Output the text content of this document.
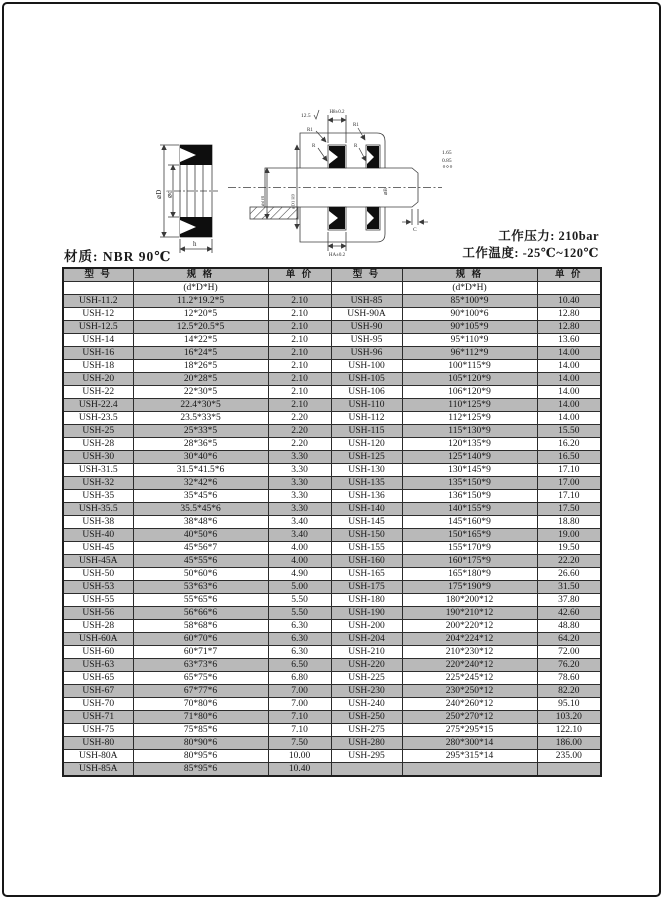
⌀D ⌀d
h
H8±0.2
12.5
R1
R1
R	R
1.65
0.85
⌀B
⌀d f8	⌀D1 H9
HA±0.2
C
材质: NBR 90℃
工作压力: 210bar
工作温度: -25℃~120℃
型 号	规 格	单 价	型 号	规 格	单 价
	(d*D*H)			(d*D*H)	
USH-11.2	11.2*19.2*5	2.10	USH-85	85*100*9	10.40
USH-12	12*20*5	2.10	USH-90A	90*100*6	12.80
USH-12.5	12.5*20.5*5	2.10	USH-90	90*105*9	12.80
USH-14	14*22*5	2.10	USH-95	95*110*9	13.60
USH-16	16*24*5	2.10	USH-96	96*112*9	14.00
USH-18	18*26*5	2.10	USH-100	100*115*9	14.00
USH-20	20*28*5	2.10	USH-105	105*120*9	14.00
USH-22	22*30*5	2.10	USH-106	106*120*9	14.00
USH-22.4	22.4*30*5	2.10	USH-110	110*125*9	14.00
USH-23.5	23.5*33*5	2.20	USH-112	112*125*9	14.00
USH-25	25*33*5	2.20	USH-115	115*130*9	15.50
USH-28	28*36*5	2.20	USH-120	120*135*9	16.20
USH-30	30*40*6	3.30	USH-125	125*140*9	16.50
USH-31.5	31.5*41.5*6	3.30	USH-130	130*145*9	17.10
USH-32	32*42*6	3.30	USH-135	135*150*9	17.00
USH-35	35*45*6	3.30	USH-136	136*150*9	17.10
USH-35.5	35.5*45*6	3.30	USH-140	140*155*9	17.50
USH-38	38*48*6	3.40	USH-145	145*160*9	18.80
USH-40	40*50*6	3.40	USH-150	150*165*9	19.00
USH-45	45*56*7	4.00	USH-155	155*170*9	19.50
USH-45A	45*55*6	4.00	USH-160	160*175*9	22.20
USH-50	50*60*6	4.90	USH-165	165*180*9	26.60
USH-53	53*63*6	5.00	USH-175	175*190*9	31.50
USH-55	55*65*6	5.50	USH-180	180*200*12	37.80
USH-56	56*66*6	5.50	USH-190	190*210*12	42.60
USH-28	58*68*6	6.30	USH-200	200*220*12	48.80
USH-60A	60*70*6	6.30	USH-204	204*224*12	64.20
USH-60	60*71*7	6.30	USH-210	210*230*12	72.00
USH-63	63*73*6	6.50	USH-220	220*240*12	76.20
USH-65	65*75*6	6.80	USH-225	225*245*12	78.60
USH-67	67*77*6	7.00	USH-230	230*250*12	82.20
USH-70	70*80*6	7.00	USH-240	240*260*12	95.10
USH-71	71*80*6	7.10	USH-250	250*270*12	103.20
USH-75	75*85*6	7.10	USH-275	275*295*15	122.10
USH-80	80*90*6	7.50	USH-280	280*300*14	186.00
USH-80A	80*95*6	10.00	USH-295	295*315*14	235.00
USH-85A	85*95*6	10.40			
